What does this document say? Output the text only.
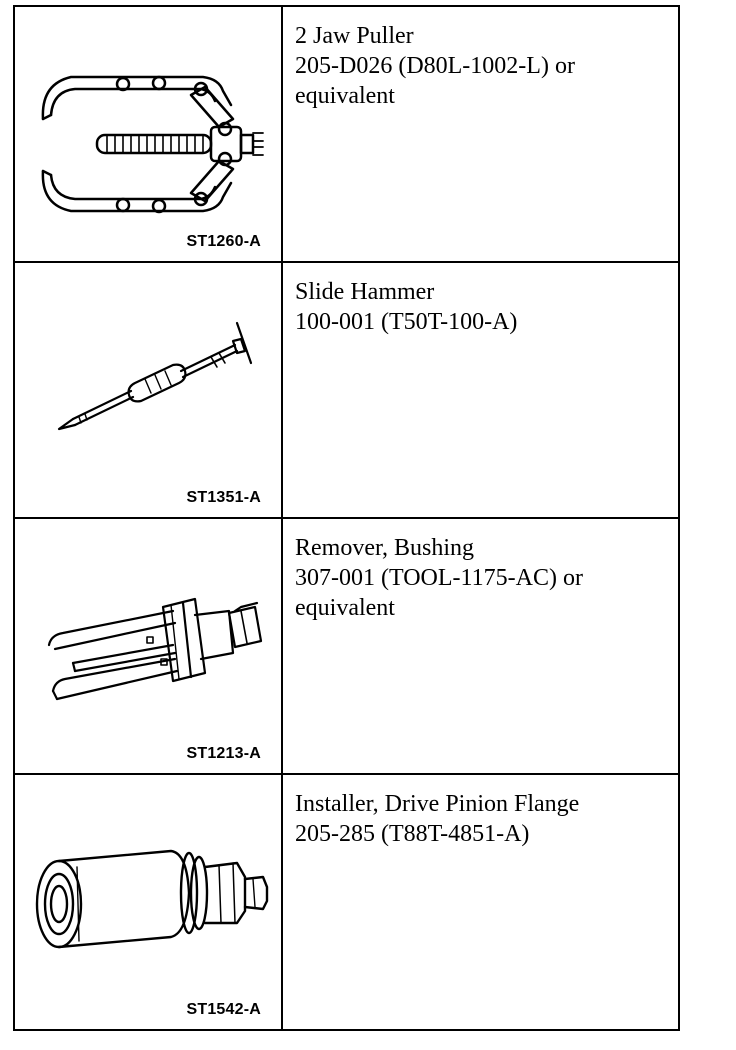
ST1260-A
2 Jaw Puller
205-D026 (D80L-1002-L) or
equivalent
ST1351-A
Slide Hammer
100-001 (T50T-100-A)
ST1213-A
Remover, Bushing
307-001 (TOOL-1175-AC) or
equivalent
ST1542-A
Installer, Drive Pinion Flange
205-285 (T88T-4851-A)
